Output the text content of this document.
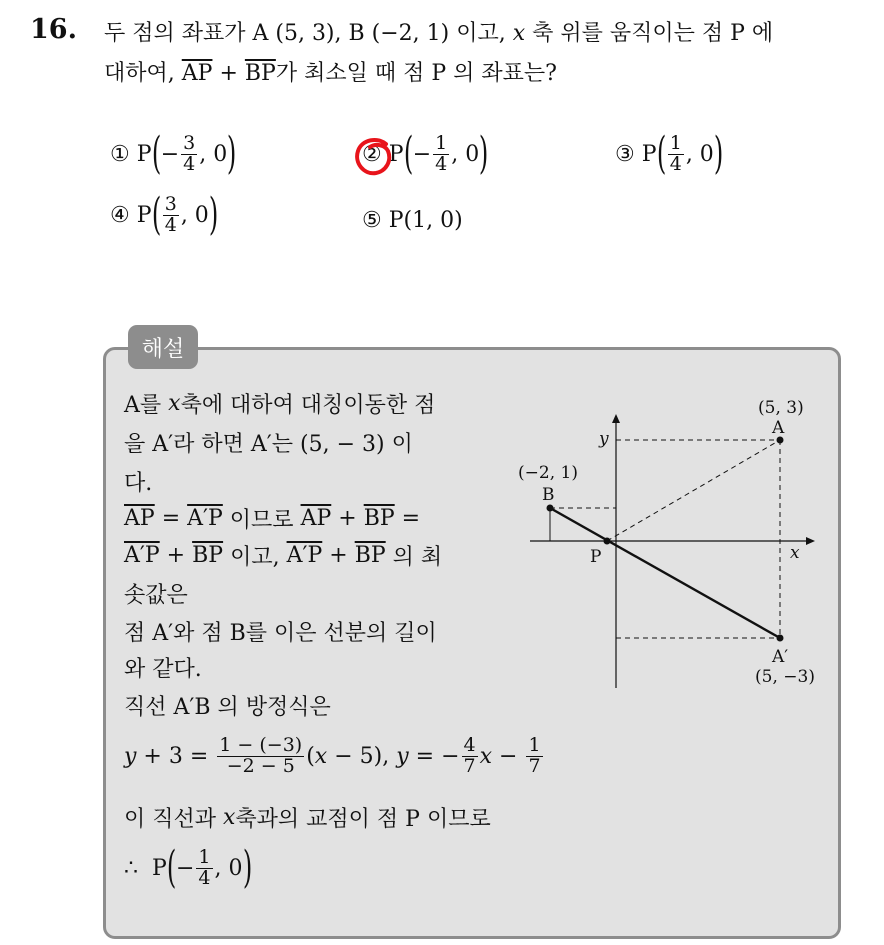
16. 두 점의 좌표가 A (5, 3), B (−2, 1) 이고, x 축 위를 움직이는 점 P 에
대하여, $\overline{AP} + \overline{BP}$가 최소일 때 점 P 의 좌표는?
①
P ( − $\frac{3}{4}$ , 0 )	②
P ( − $\frac{1}{4}$ , 0 )	③
P ( $\frac{1}{4}$ , 0 )
④
P ( $\frac{3}{4}$ , 0 )	⑤
P(1, 0)
해설
A를
x 축에 대하여 대칭이동한 점
을 A′라 하면 A′는 (5, − 3) 이
다.
$\overline{AP} = A'P$ 이므로 $\overline{AP} + \overline{BP}$ =
$A'P + \overline{BP}$ 이고, $A'P + \overline{BP}$ 의 최
솟값은
점 A′와 점 B를 이은 선분의 길이
와 같다.
직선 A′B 의 방정식은
$y + 3 = \frac{1 - (-3)}{-2 - 5}$ ( x − 5), y = − $\frac{4}{7}$ $x - \frac{1}{7}$
이 직선과 x 축과의 교점이 점 P 이므로
∴
P ( − $\frac{1}{4}$ , 0 )
y
x
(5, 3)
A
(−2, 1)
B
P
A′
(5, −3)
